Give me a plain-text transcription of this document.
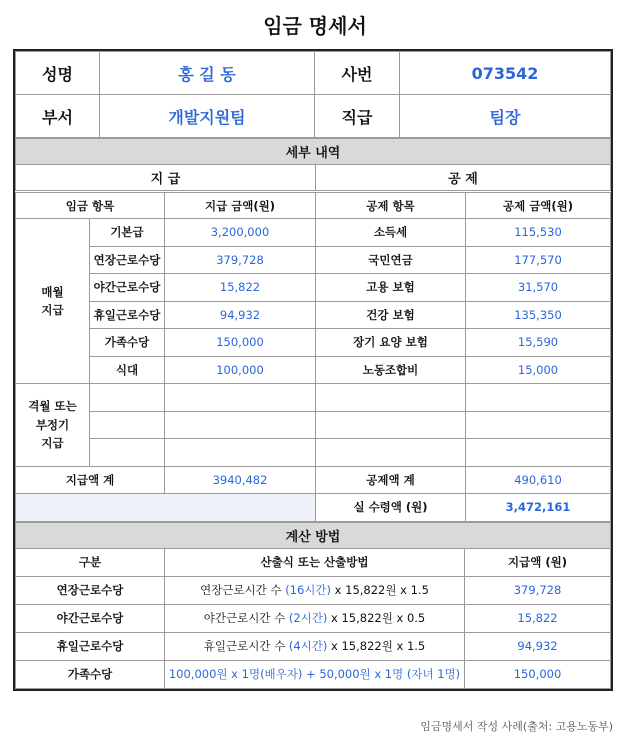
임금 명세서
성명	홍 길 동	사번	073542
부서	개발지원팀	직급	팀장
세부 내역				
지 급			공 제	
임금 항목		지급 금액(원)	공제 항목	공제 금액(원)
매월
지급	기본급	3,200,000	소득세	115,530
	연장근로수당	379,728	국민연금	177,570
	야간근로수당	15,822	고용 보험	31,570
	휴일근로수당	94,932	건강 보험	135,350
	가족수당	150,000	장기 요양 보험	15,590
	식대	100,000	노동조합비	15,000
격월 또는
부정기
지급				

지급액 계		3940,482	공제액 계	490,610
			실 수령액 (원)	3,472,161
계산 방법		
구분	산출식 또는 산출방법	지급액 (원)
연장근로수당	연장근로시간 수 (16시간) x 15,822원 x 1.5	379,728
야간근로수당	야간근로시간 수 (2시간) x 15,822원 x 0.5	15,822
휴일근로수당	휴일근로시간 수 (4시간) x 15,822원 x 1.5	94,932
가족수당	100,000원 x 1명(배우자) + 50,000원 x 1명 (자녀 1명)	150,000
임금명세서 작성 사례(출처: 고용노동부)
